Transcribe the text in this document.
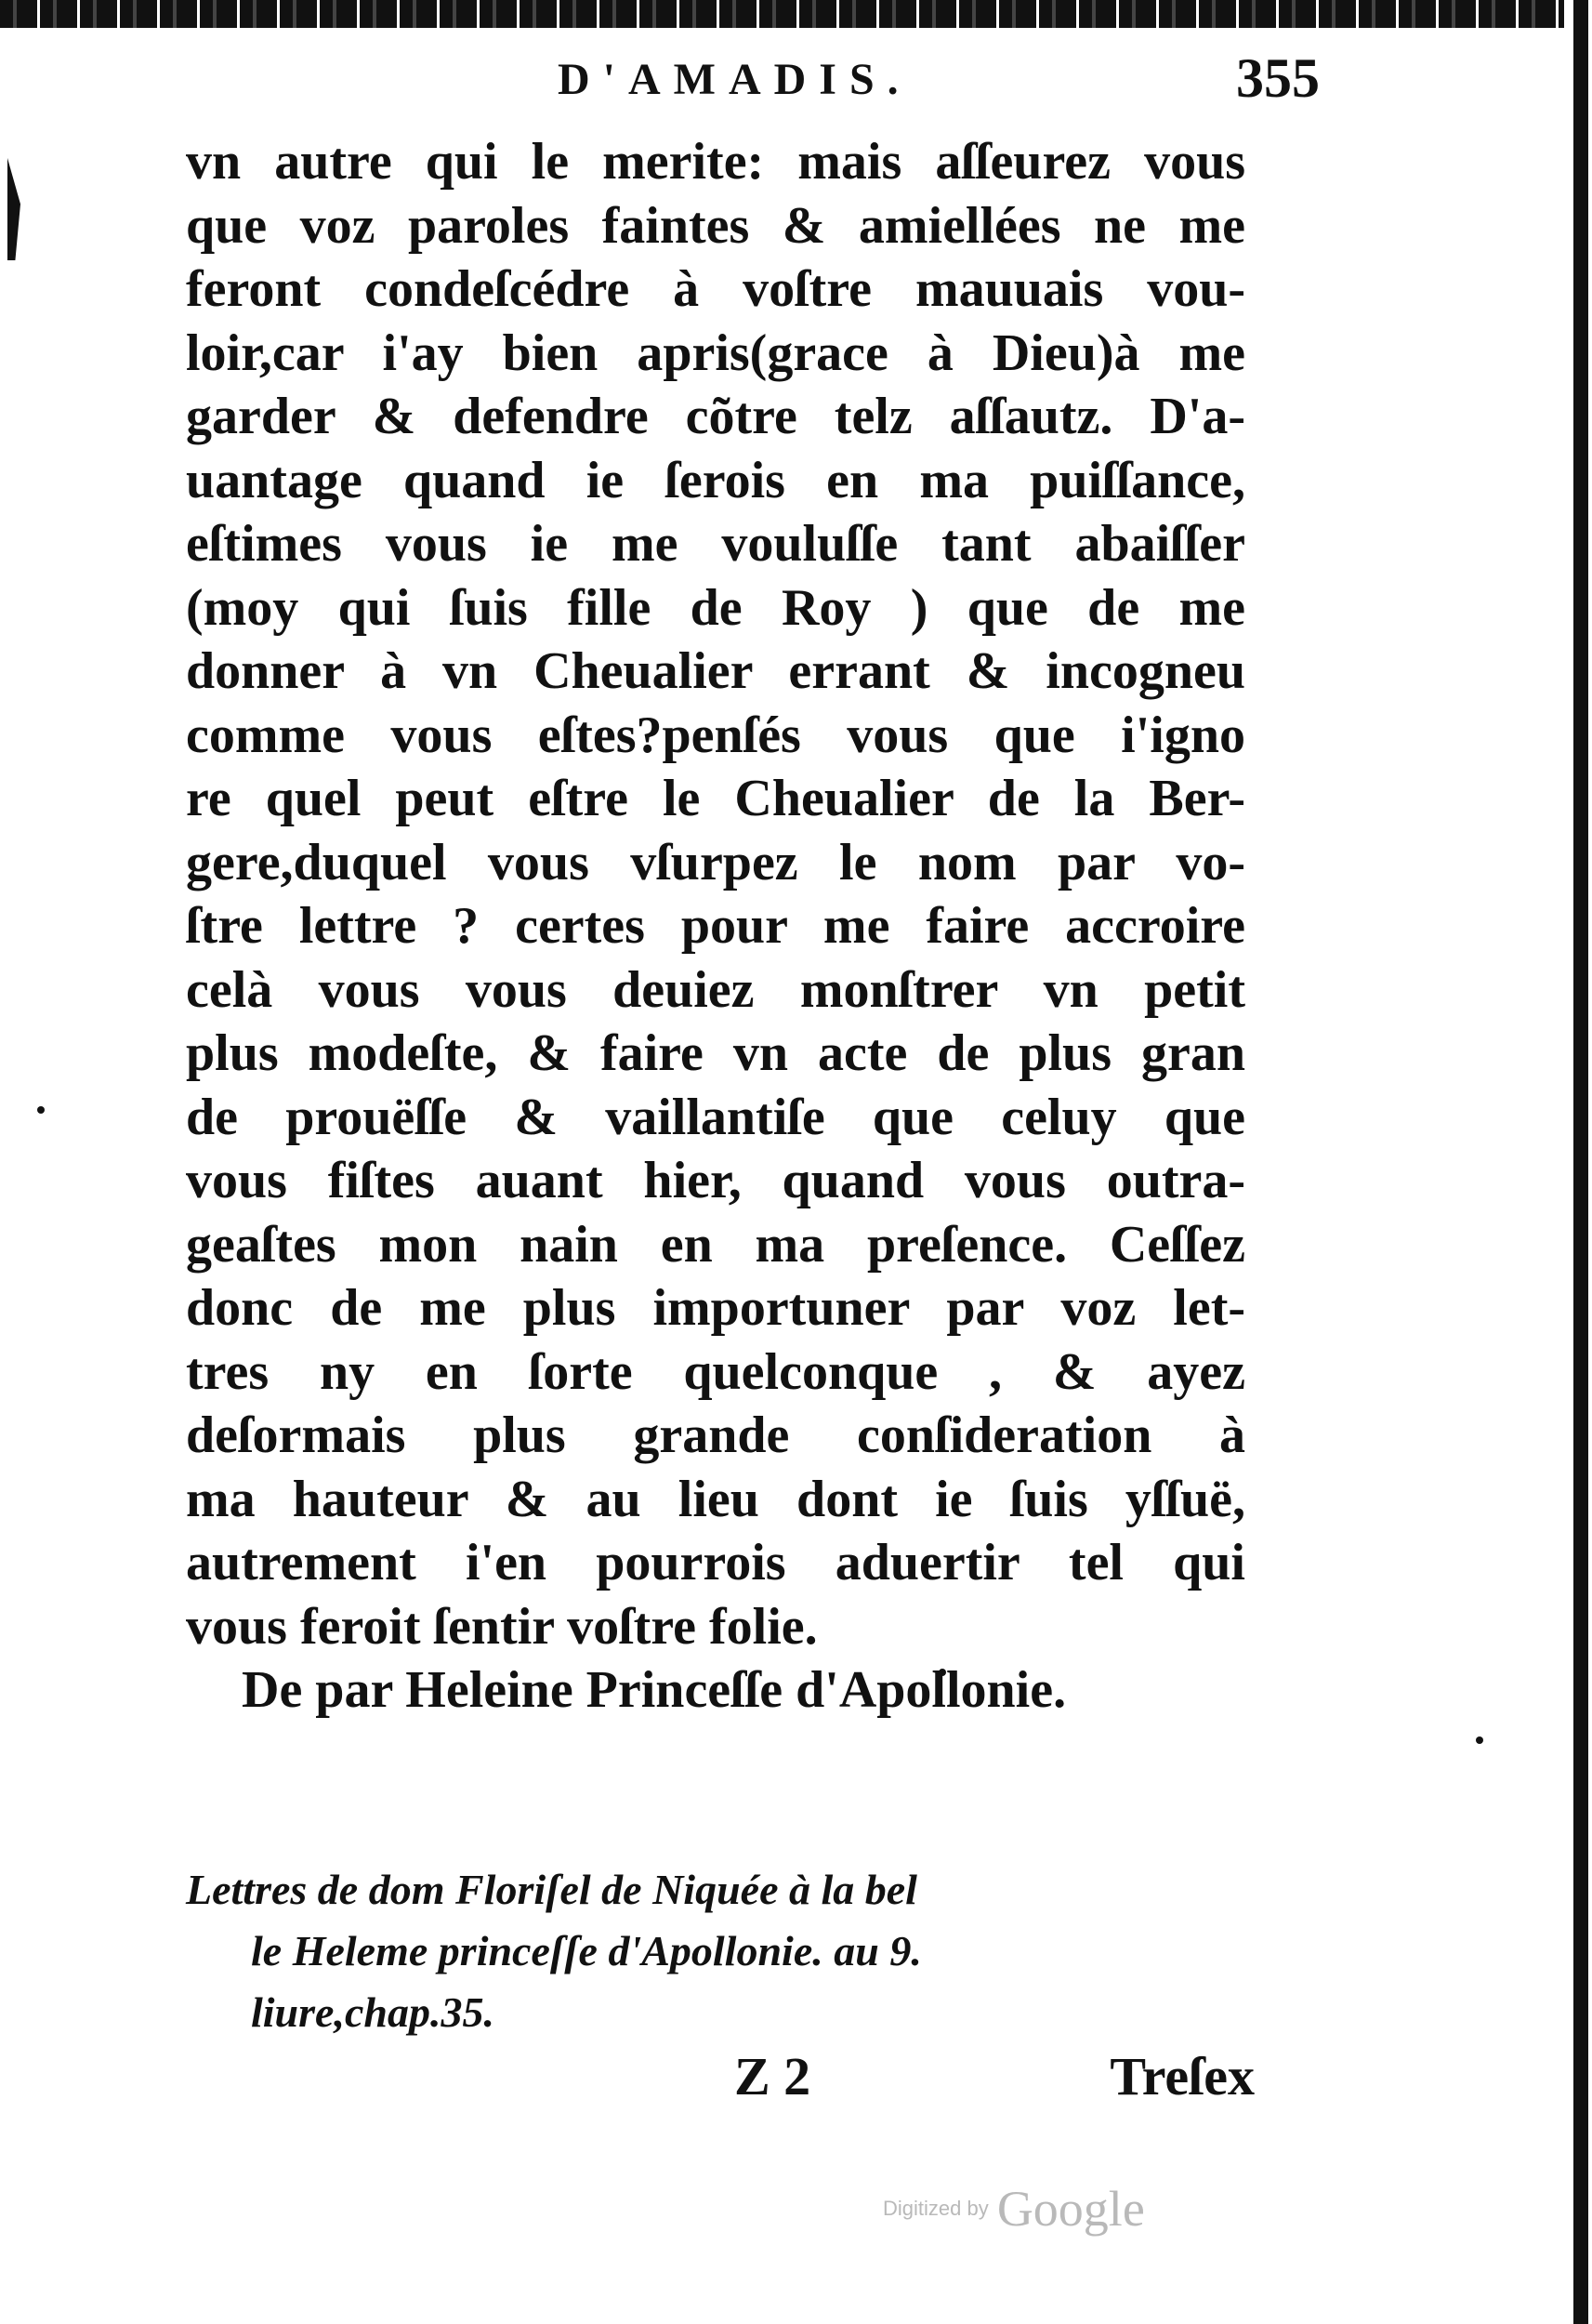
D'AMADIS.	355
vn autre qui le merite: mais aſſeurez vous
que voz paroles faintes & amiellées ne me
feront condeſcédre à voſtre mauuais vou-
loir,car i'ay bien apris(grace à Dieu)à me
garder & defendre cõtre telz aſſautz. D'a-
uantage quand ie ſerois en ma puiſſance,
eſtimes vous ie me vouluſſe tant abaiſſer
(moy qui ſuis fille de Roy ) que de me
donner à vn Cheualier errant & incogneu
comme vous eſtes?penſés vous que i'igno
re quel peut eſtre le Cheualier de la Ber-
gere,duquel vous vſurpez le nom par vo-
ſtre lettre ? certes pour me faire accroire
celà vous vous deuiez monſtrer vn petit
plus modeſte, & faire vn acte de plus gran
de prouëſſe & vaillantiſe que celuy que
vous fiſtes auant hier, quand vous outra-
geaſtes mon nain en ma preſence. Ceſſez
donc de me plus importuner par voz let-
tres ny en ſorte quelconque , & ayez
deſormais plus grande conſideration à
ma hauteur & au lieu dont ie ſuis yſſuë,
autrement i'en pourrois aduertir tel qui
vous feroit ſentir voſtre folie.
De par Heleine Princeſſe d'Apollonie.
Lettres de dom Floriſel de Niquée à la bel
le Heleme princeſſe d'Apollonie. au 9.
liure,chap.35.
Z 2	Treſex
Digitized by Google
